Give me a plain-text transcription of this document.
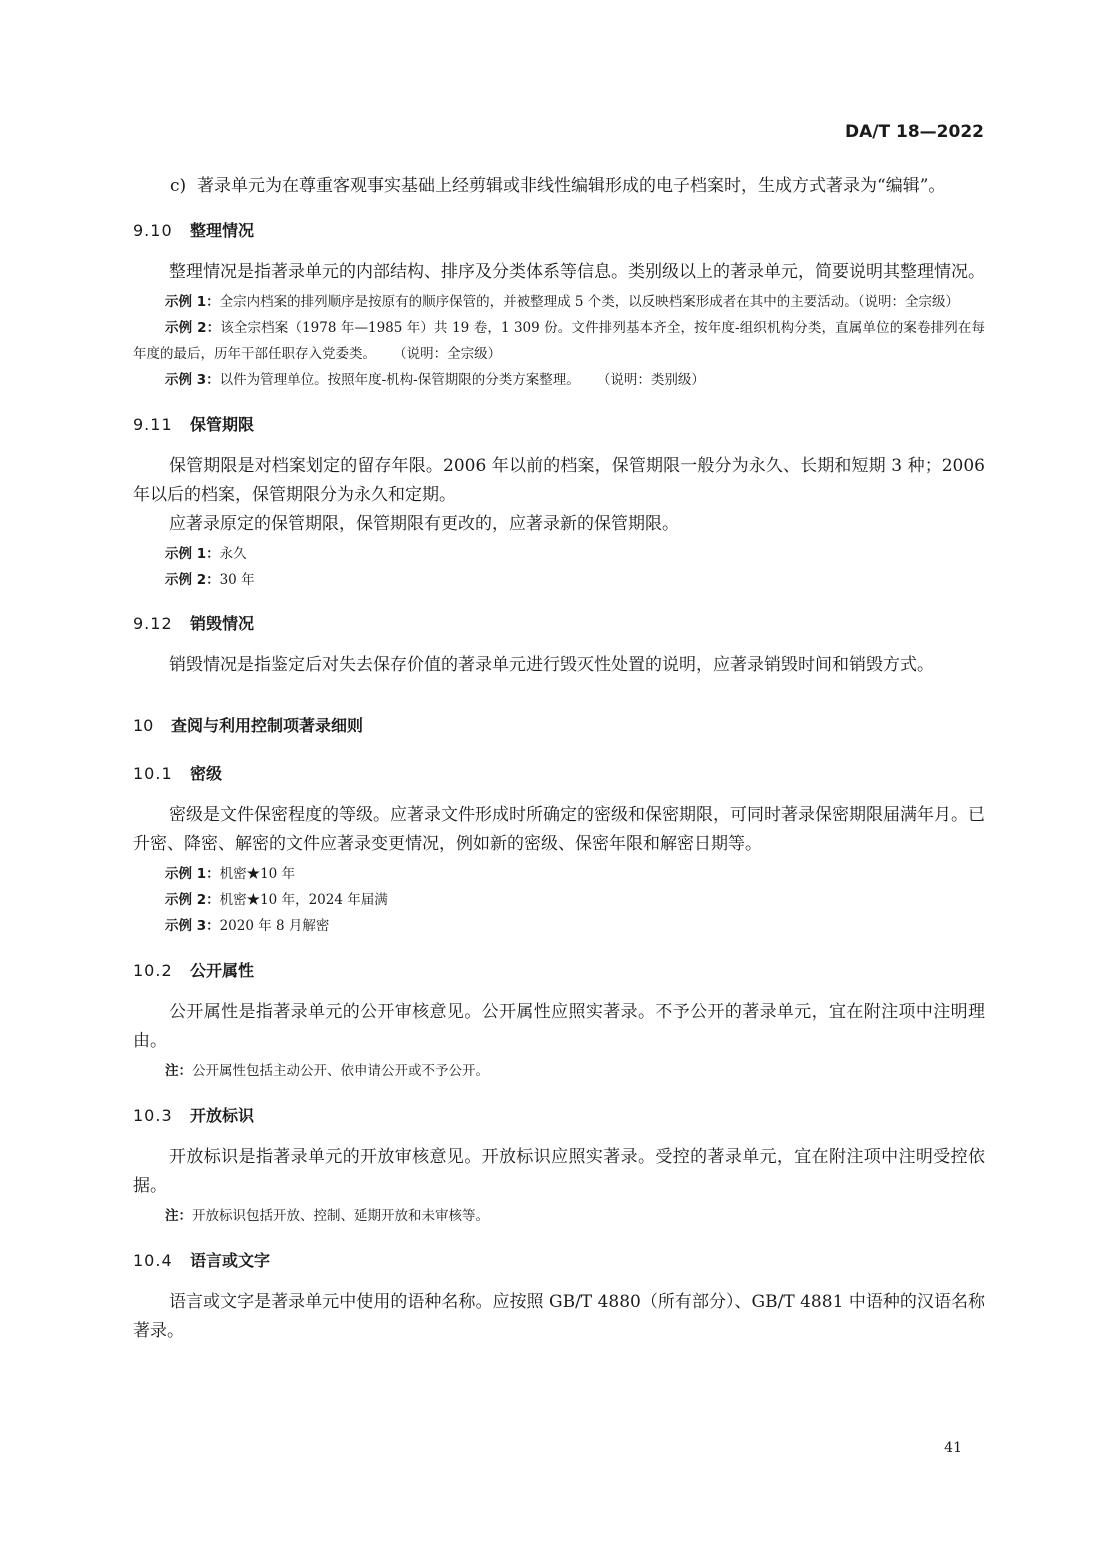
DA/T 18—2022
c) 著录单元为在尊重客观事实基础上经剪辑或非线性编辑形成的电子档案时，生成方式著录为“编辑”。
9.10 整理情况

整理情况是指著录单元的内部结构、排序及分类体系等信息。类别级以上的著录单元，简要说明其整理情况。

示例 1：全宗内档案的排列顺序是按原有的顺序保管的，并被整理成 5 个类，以反映档案形成者在其中的主要活动。（说明：全宗级）

示例 2：该全宗档案（1978 年—1985 年）共 19 卷，1 309 份。文件排列基本齐全，按年度-组织机构分类，直属单位的案卷排列在每年度的最后，历年干部任职存入党委类。    （说明：全宗级）

示例 3：以件为管理单位。按照年度-机构-保管期限的分类方案整理。    （说明：类别级）

9.11 保管期限

保管期限是对档案划定的留存年限。2006 年以前的档案，保管期限一般分为永久、长期和短期 3 种；2006 年以后的档案，保管期限分为永久和定期。

应著录原定的保管期限，保管期限有更改的，应著录新的保管期限。

示例 1：永久

示例 2：30 年

9.12 销毁情况

销毁情况是指鉴定后对失去保存价值的著录单元进行毁灭性处置的说明，应著录销毁时间和销毁方式。

10 查阅与利用控制项著录细则
10.1 密级

密级是文件保密程度的等级。应著录文件形成时所确定的密级和保密期限，可同时著录保密期限届满年月。已升密、降密、解密的文件应著录变更情况，例如新的密级、保密年限和解密日期等。

示例 1：机密★10 年

示例 2：机密★10 年，2024 年届满

示例 3：2020 年 8 月解密

10.2 公开属性

公开属性是指著录单元的公开审核意见。公开属性应照实著录。不予公开的著录单元，宜在附注项中注明理由。

注：公开属性包括主动公开、依申请公开或不予公开。

10.3 开放标识

开放标识是指著录单元的开放审核意见。开放标识应照实著录。受控的著录单元，宜在附注项中注明受控依据。

注：开放标识包括开放、控制、延期开放和未审核等。

10.4 语言或文字

语言或文字是著录单元中使用的语种名称。应按照 GB/T 4880（所有部分）、GB/T 4881 中语种的汉语名称著录。

41
